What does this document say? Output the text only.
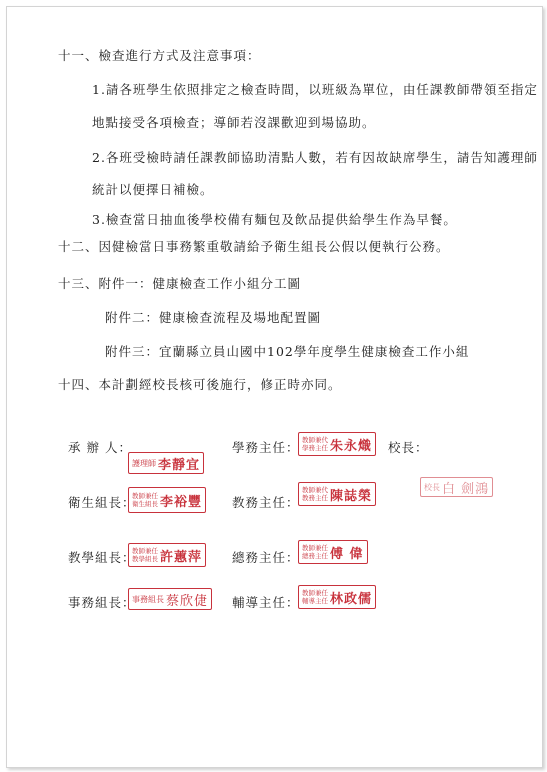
十一、檢查進行方式及注意事項：
1.請各班學生依照排定之檢查時間，以班級為單位，由任課教師帶領至指定
地點接受各項檢查；導師若沒課歡迎到場協助。
2.各班受檢時請任課教師協助清點人數，若有因故缺席學生，請告知護理師
統計以便擇日補檢。
3.檢查當日抽血後學校備有麵包及飲品提供給學生作為早餐。
十二、因健檢當日事務繁重敬請給予衛生組長公假以便執行公務。
十三、附件一：健康檢查工作小組分工圖
附件二：健康檢查流程及場地配置圖
附件三：宜蘭縣立員山國中102學年度學生健康檢查工作小組
十四、本計劃經校長核可後施行，修正時亦同。
承 辦 人：
護理師 李靜宜
學務主任： 教師兼代
學務主任 朱永熾 校長：
校長 白 劍鴻
衛生組長：
教師兼任
衛生組長 李裕豐 教務主任：
教師兼代
教務主任 陳誌榮
教學組長：
教師兼任
教學組長 許蕙萍 總務主任：
教師兼任
總務主任 傅 偉
事務組長：
事務組長 蔡欣倢 輔導主任：
教師兼任
輔導主任 林政儒
